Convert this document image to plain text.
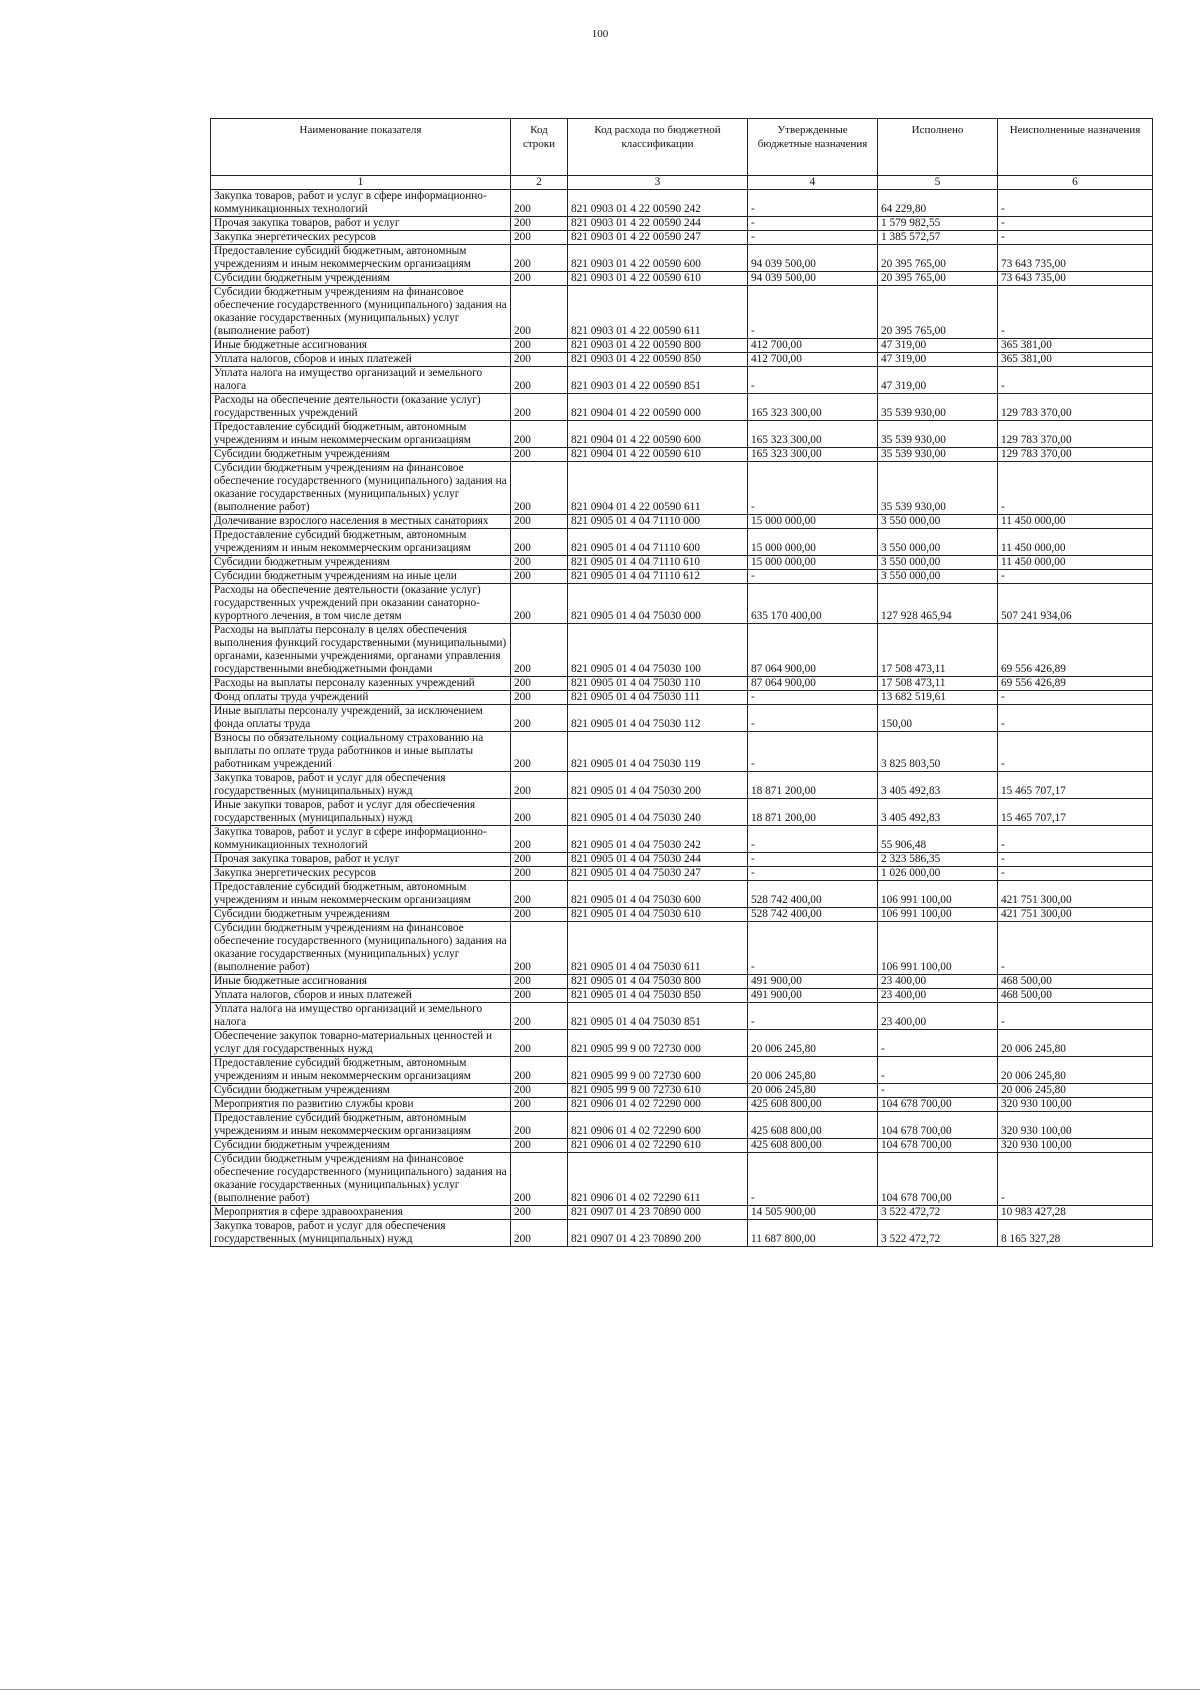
100
Наименование показателя	Код строки	Код расхода по бюджетной классификации	Утвержденные бюджетные назначения	Исполнено	Неисполненные назначения
1	2	3	4	5	6
Закупка товаров, работ и услуг в сфере информационно-коммуникационных технологий	200	821 0903 01 4 22 00590 242	-	64 229,80	-
Прочая закупка товаров, работ и услуг	200	821 0903 01 4 22 00590 244	-	1 579 982,55	-
Закупка энергетических ресурсов	200	821 0903 01 4 22 00590 247	-	1 385 572,57	-
Предоставление субсидий бюджетным, автономным учреждениям и иным некоммерческим организациям	200	821 0903 01 4 22 00590 600	94 039 500,00	20 395 765,00	73 643 735,00
Субсидии бюджетным учреждениям	200	821 0903 01 4 22 00590 610	94 039 500,00	20 395 765,00	73 643 735,00
Субсидии бюджетным учреждениям на финансовое обеспечение государственного (муниципального) задания на оказание государственных (муниципальных) услуг (выполнение работ)	200	821 0903 01 4 22 00590 611	-	20 395 765,00	-
Иные бюджетные ассигнования	200	821 0903 01 4 22 00590 800	412 700,00	47 319,00	365 381,00
Уплата налогов, сборов и иных платежей	200	821 0903 01 4 22 00590 850	412 700,00	47 319,00	365 381,00
Уплата налога на имущество организаций и земельного налога	200	821 0903 01 4 22 00590 851	-	47 319,00	-
Расходы на обеспечение деятельности (оказание услуг) государственных учреждений	200	821 0904 01 4 22 00590 000	165 323 300,00	35 539 930,00	129 783 370,00
Предоставление субсидий бюджетным, автономным учреждениям и иным некоммерческим организациям	200	821 0904 01 4 22 00590 600	165 323 300,00	35 539 930,00	129 783 370,00
Субсидии бюджетным учреждениям	200	821 0904 01 4 22 00590 610	165 323 300,00	35 539 930,00	129 783 370,00
Субсидии бюджетным учреждениям на финансовое обеспечение государственного (муниципального) задания на оказание государственных (муниципальных) услуг (выполнение работ)	200	821 0904 01 4 22 00590 611	-	35 539 930,00	-
Долечивание взрослого населения в местных санаториях	200	821 0905 01 4 04 71110 000	15 000 000,00	3 550 000,00	11 450 000,00
Предоставление субсидий бюджетным, автономным учреждениям и иным некоммерческим организациям	200	821 0905 01 4 04 71110 600	15 000 000,00	3 550 000,00	11 450 000,00
Субсидии бюджетным учреждениям	200	821 0905 01 4 04 71110 610	15 000 000,00	3 550 000,00	11 450 000,00
Субсидии бюджетным учреждениям на иные цели	200	821 0905 01 4 04 71110 612	-	3 550 000,00	-
Расходы на обеспечение деятельности (оказание услуг) государственных учреждений при оказании санаторно-курортного лечения, в том числе детям	200	821 0905 01 4 04 75030 000	635 170 400,00	127 928 465,94	507 241 934,06
Расходы на выплаты персоналу в целях обеспечения выполнения функций государственными (муниципальными) органами, казенными учреждениями, органами управления государственными внебюджетными фондами	200	821 0905 01 4 04 75030 100	87 064 900,00	17 508 473,11	69 556 426,89
Расходы на выплаты персоналу казенных учреждений	200	821 0905 01 4 04 75030 110	87 064 900,00	17 508 473,11	69 556 426,89
Фонд оплаты труда учреждений	200	821 0905 01 4 04 75030 111	-	13 682 519,61	-
Иные выплаты персоналу учреждений, за исключением фонда оплаты труда	200	821 0905 01 4 04 75030 112	-	150,00	-
Взносы по обязательному социальному страхованию на выплаты по оплате труда работников и иные выплаты работникам учреждений	200	821 0905 01 4 04 75030 119	-	3 825 803,50	-
Закупка товаров, работ и услуг для обеспечения государственных (муниципальных) нужд	200	821 0905 01 4 04 75030 200	18 871 200,00	3 405 492,83	15 465 707,17
Иные закупки товаров, работ и услуг для обеспечения государственных (муниципальных) нужд	200	821 0905 01 4 04 75030 240	18 871 200,00	3 405 492,83	15 465 707,17
Закупка товаров, работ и услуг в сфере информационно-коммуникационных технологий	200	821 0905 01 4 04 75030 242	-	55 906,48	-
Прочая закупка товаров, работ и услуг	200	821 0905 01 4 04 75030 244	-	2 323 586,35	-
Закупка энергетических ресурсов	200	821 0905 01 4 04 75030 247	-	1 026 000,00	-
Предоставление субсидий бюджетным, автономным учреждениям и иным некоммерческим организациям	200	821 0905 01 4 04 75030 600	528 742 400,00	106 991 100,00	421 751 300,00
Субсидии бюджетным учреждениям	200	821 0905 01 4 04 75030 610	528 742 400,00	106 991 100,00	421 751 300,00
Субсидии бюджетным учреждениям на финансовое обеспечение государственного (муниципального) задания на оказание государственных (муниципальных) услуг (выполнение работ)	200	821 0905 01 4 04 75030 611	-	106 991 100,00	-
Иные бюджетные ассигнования	200	821 0905 01 4 04 75030 800	491 900,00	23 400,00	468 500,00
Уплата налогов, сборов и иных платежей	200	821 0905 01 4 04 75030 850	491 900,00	23 400,00	468 500,00
Уплата налога на имущество организаций и земельного налога	200	821 0905 01 4 04 75030 851	-	23 400,00	-
Обеспечение закупок товарно-материальных ценностей и услуг для государственных нужд	200	821 0905 99 9 00 72730 000	20 006 245,80	-	20 006 245,80
Предоставление субсидий бюджетным, автономным учреждениям и иным некоммерческим организациям	200	821 0905 99 9 00 72730 600	20 006 245,80	-	20 006 245,80
Субсидии бюджетным учреждениям	200	821 0905 99 9 00 72730 610	20 006 245,80	-	20 006 245,80
Мероприятия по развитию службы крови	200	821 0906 01 4 02 72290 000	425 608 800,00	104 678 700,00	320 930 100,00
Предоставление субсидий бюджетным, автономным учреждениям и иным некоммерческим организациям	200	821 0906 01 4 02 72290 600	425 608 800,00	104 678 700,00	320 930 100,00
Субсидии бюджетным учреждениям	200	821 0906 01 4 02 72290 610	425 608 800,00	104 678 700,00	320 930 100,00
Субсидии бюджетным учреждениям на финансовое обеспечение государственного (муниципального) задания на оказание государственных (муниципальных) услуг (выполнение работ)	200	821 0906 01 4 02 72290 611	-	104 678 700,00	-
Мероприятия в сфере здравоохранения	200	821 0907 01 4 23 70890 000	14 505 900,00	3 522 472,72	10 983 427,28
Закупка товаров, работ и услуг для обеспечения государственных (муниципальных) нужд	200	821 0907 01 4 23 70890 200	11 687 800,00	3 522 472,72	8 165 327,28
